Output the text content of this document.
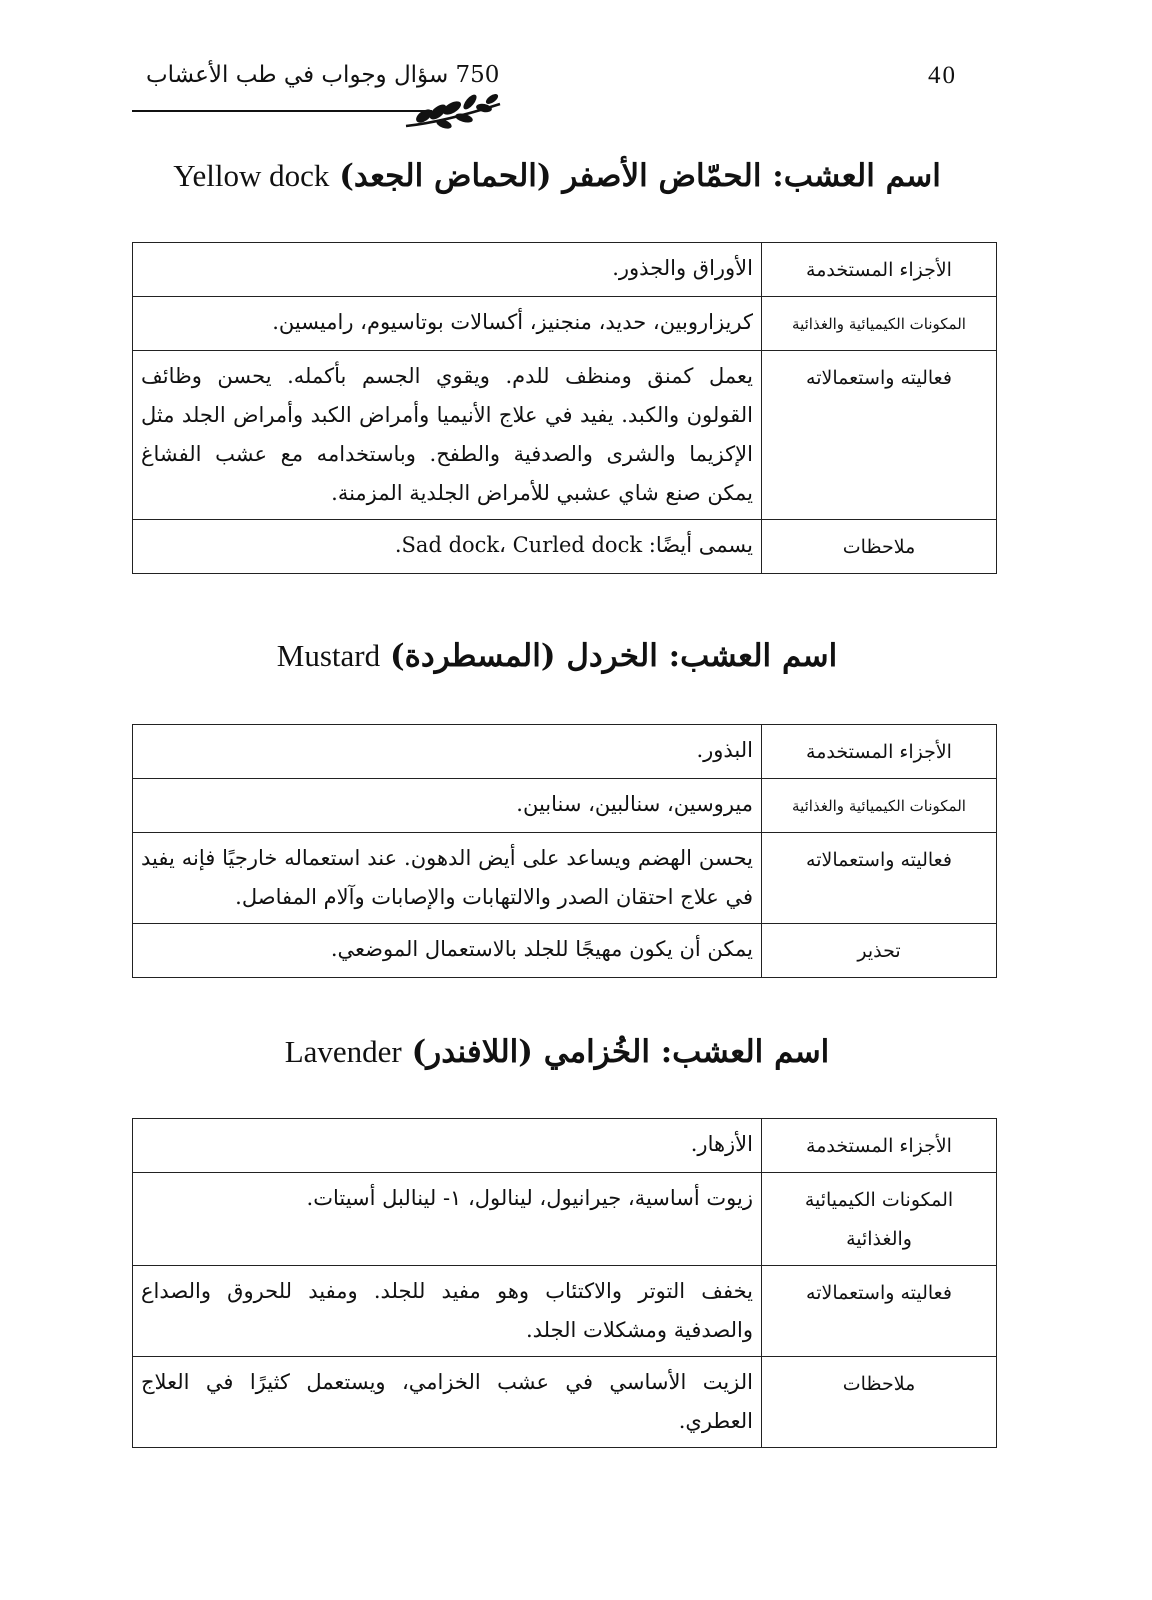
40
750 سؤال وجواب في طب الأعشاب
اسم العشب: الحمّاض الأصفر (الحماض الجعد) Yellow dock
الأجزاء المستخدمة	الأوراق والجذور.
المكونات الكيميائية والغذائية	كريزاروبين، حديد، منجنيز، أكسالات بوتاسيوم، راميسين.
فعاليته واستعمالاته	يعمل كمنق ومنظف للدم. ويقوي الجسم بأكمله. يحسن وظائف القولون والكبد. يفيد في علاج الأنيميا وأمراض الكبد وأمراض الجلد مثل الإكزيما والشرى والصدفية والطفح. وباستخدامه مع عشب الفشاغ يمكن صنع شاي عشبي للأمراض الجلدية المزمنة.
ملاحظات	يسمى أيضًا: Sad dock، Curled dock.
اسم العشب: الخردل (المسطردة) Mustard
الأجزاء المستخدمة	البذور.
المكونات الكيميائية والغذائية	ميروسين، سنالبين، سنابين.
فعاليته واستعمالاته	يحسن الهضم ويساعد على أيض الدهون. عند استعماله خارجيًا فإنه يفيد في علاج احتقان الصدر والالتهابات والإصابات وآلام المفاصل.
تحذير	يمكن أن يكون مهيجًا للجلد بالاستعمال الموضعي.
اسم العشب: الخُزامي (اللافندر) Lavender
الأجزاء المستخدمة	الأزهار.
المكونات الكيميائية والغذائية	زيوت أساسية، جيرانيول، لينالول، ١- لينالبل أسيتات.
فعاليته واستعمالاته	يخفف التوتر والاكتئاب وهو مفيد للجلد. ومفيد للحروق والصداع والصدفية ومشكلات الجلد.
ملاحظات	الزيت الأساسي في عشب الخزامي، ويستعمل كثيرًا في العلاج العطري.
